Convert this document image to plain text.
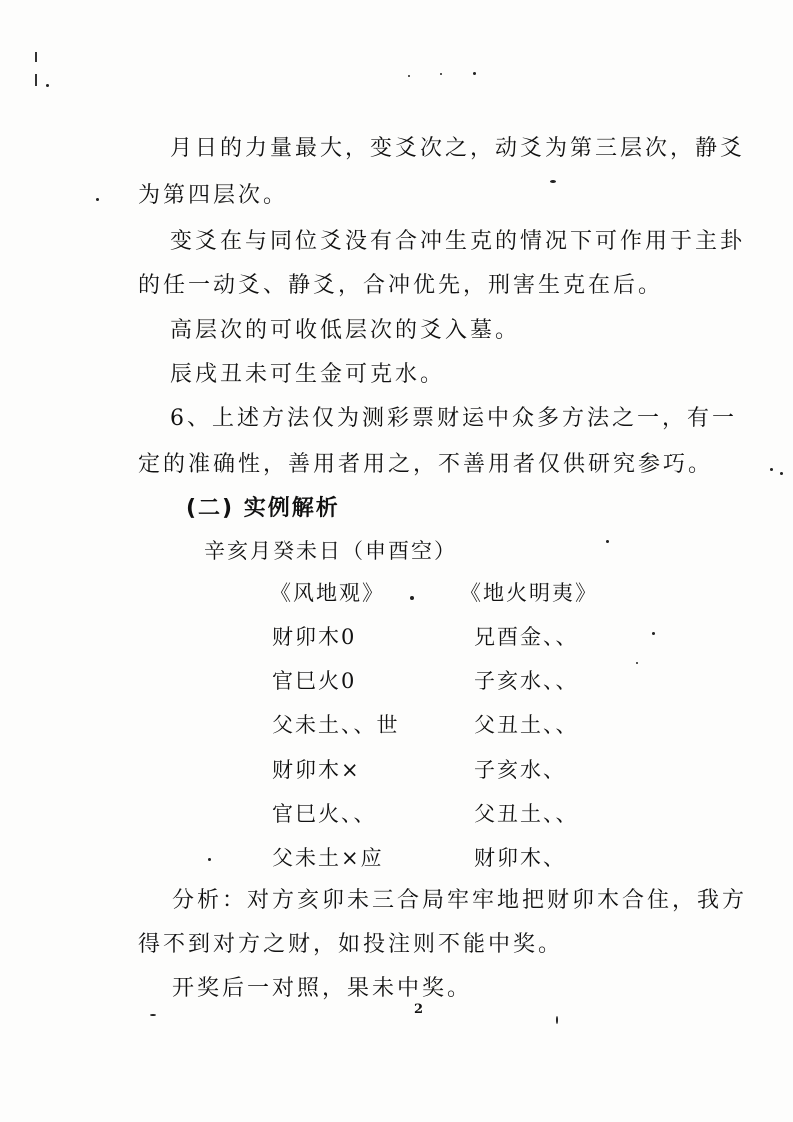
月日的力量最大，变爻次之，动爻为第三层次，静爻
为第四层次。
变爻在与同位爻没有合冲生克的情况下可作用于主卦
的任一动爻、静爻，合冲优先，刑害生克在后。
高层次的可收低层次的爻入墓。
辰戌丑未可生金可克水。
6、上述方法仅为测彩票财运中众多方法之一，有一
定的准确性，善用者用之，不善用者仅供研究参巧。
(二) 实例解析
辛亥月癸未日（申酉空）
《风地观》
财卯木0
官巳火0
父未土、、世
财卯木×
官巳火、、
父未土×应
《地火明夷》
兄酉金、、
子亥水、、
父丑土、、
子亥水、
父丑土、、
财卯木、
分析：对方亥卯未三合局牢牢地把财卯木合住，我方
得不到对方之财，如投注则不能中奖。
开奖后一对照，果未中奖。
2
